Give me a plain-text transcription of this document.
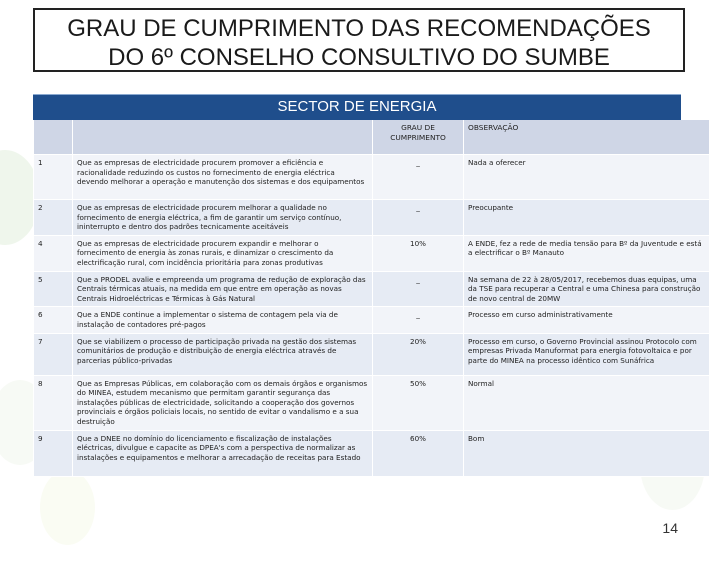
GRAU DE CUMPRIMENTO DAS RECOMENDAÇÕES
DO 6º CONSELHO CONSULTIVO DO SUMBE
SECTOR DE ENERGIA
		GRAU DE CUMPRIMENTO	OBSERVAÇÃO
1	Que as empresas de electricidade procurem promover a eficiência e racionalidade reduzindo os custos no fornecimento de energia eléctrica devendo melhorar a operação e manutenção dos sistemas e dos equipamentos	_	Nada a oferecer
2	Que as empresas de electricidade procurem melhorar a qualidade no fornecimento de energia eléctrica, a fim de garantir um serviço contínuo, ininterrupto e dentro dos padrões tecnicamente aceitáveis	_	Preocupante
4	Que as empresas de electricidade procurem expandir e melhorar o fornecimento de energia às zonas rurais, e dinamizar o crescimento da electrificação rural, com incidência prioritária para zonas produtivas	10%	A ENDE, fez a rede de media tensão para Bº da Juventude e está a electrificar o Bº Manauto
5	Que a PRODEL avalie e empreenda um programa de redução de exploração das Centrais térmicas atuais, na medida em que entre em operação as novas Centrais Hidroeléctricas e Térmicas à Gás Natural	_	Na semana de 22 à 28/05/2017, recebemos duas equipas, uma da TSE para recuperar a Central e uma Chinesa para construção de novo central de 20MW
6	Que a ENDE continue a implementar o sistema de contagem pela via de instalação de contadores pré-pagos	_	Processo em curso administrativamente
7	Que se viabilizem o processo de participação privada na gestão dos sistemas comunitários de produção e distribuição de energia eléctrica através de parcerias público-privadas	20%	Processo em curso, o Governo Provincial assinou Protocolo com empresas Privada Manuformat para energia fotovoltaica e por parte do MINEA na processo idêntico com Sunáfrica
8	Que as Empresas Públicas, em colaboração com os demais órgãos e organismos do MINEA, estudem mecanismo que permitam garantir segurança das instalações públicas de electricidade, solicitando a cooperação dos governos provinciais e órgãos policiais locais, no sentido de evitar o vandalismo e a sua destruição	50%	Normal
9	Que a DNEE no domínio do licenciamento e fiscalização de instalações eléctricas, divulgue e capacite as DPEA's com a perspectiva de normalizar as instalações e equipamentos e melhorar a arrecadação de receitas para Estado	60%	Bom
14
